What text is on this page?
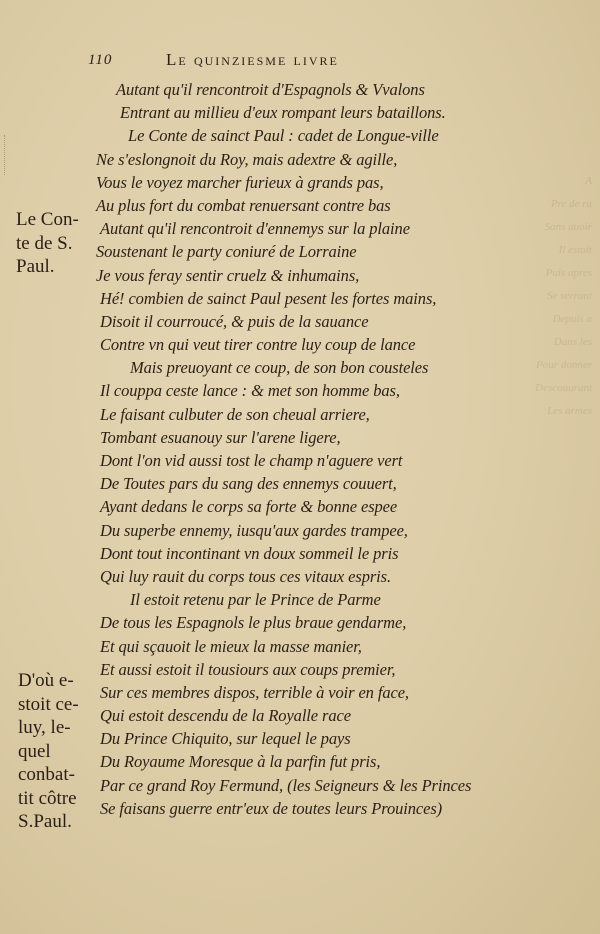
A
Pre de ra
Sans auoir
Il estoit
Puis apres
Se serrant
Depuis a
Dans les
Pour donner
Descouurant
Les armes
110	Le quinziesme livre
Autant qu'il rencontroit d'Espagnols & Vvalons
Entrant au millieu d'eux rompant leurs bataillons.
Le Conte de sainct Paul : cadet de Longue-ville
Ne s'eslongnoit du Roy, mais adextre & agille,
Vous le voyez marcher furieux à grands pas,
Au plus fort du combat renuersant contre bas
Autant qu'il rencontroit d'ennemys sur la plaine
Soustenant le party coniuré de Lorraine
Je vous feray sentir cruelz & inhumains,
Hé! combien de sainct Paul pesent les fortes mains,
Disoit il courroucé, & puis de la sauance
Contre vn qui veut tirer contre luy coup de lance
Mais preuoyant ce coup, de son bon cousteles
Il couppa ceste lance : & met son homme bas,
Le faisant culbuter de son cheual arriere,
Tombant esuanouy sur l'arene ligere,
Dont l'on vid aussi tost le champ n'aguere vert
De Toutes pars du sang des ennemys couuert,
Ayant dedans le corps sa forte & bonne espee
Du superbe ennemy, iusqu'aux gardes trampee,
Dont tout incontinant vn doux sommeil le pris
Qui luy rauit du corps tous ces vitaux espris.
Il estoit retenu par le Prince de Parme
De tous les Espagnols le plus braue gendarme,
Et qui sçauoit le mieux la masse manier,
Et aussi estoit il tousiours aux coups premier,
Sur ces membres dispos, terrible à voir en face,
Qui estoit descendu de la Royalle race
Du Prince Chiquito, sur lequel le pays
Du Royaume Moresque à la parfin fut pris,
Par ce grand Roy Fermund, (les Seigneurs & les Princes
Se faisans guerre entr'eux de toutes leurs Prouinces)
Le Con-
te de S.
Paul.
D'où e-
stoit ce-
luy, le-
quel
conbat-
tit côtre
S.Paul.
